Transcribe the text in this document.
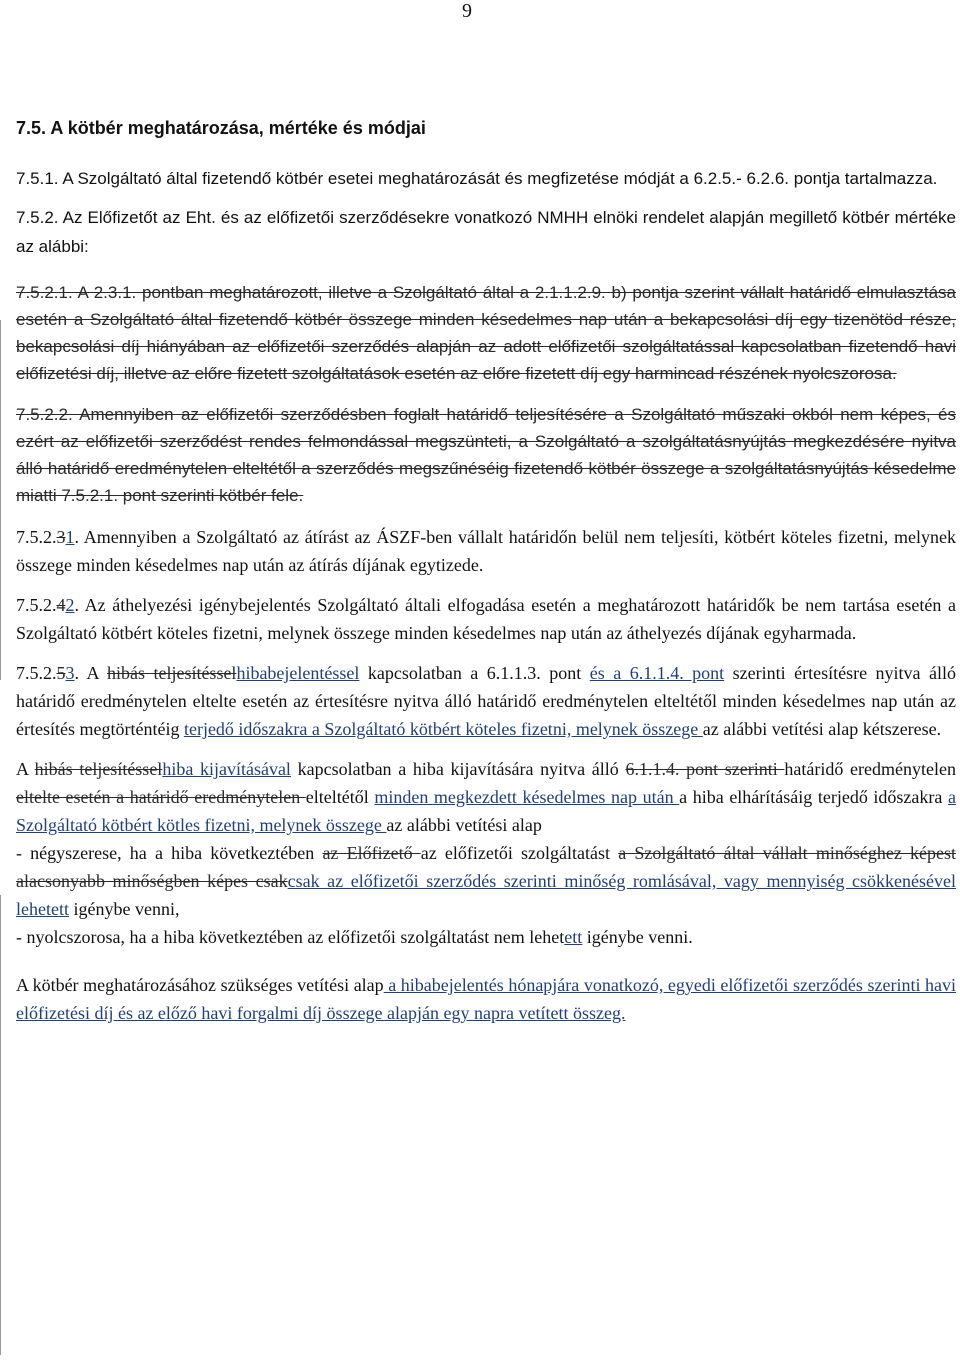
9
7.5. A kötbér meghatározása, mértéke és módjai

7.5.1. A Szolgáltató által fizetendő kötbér esetei meghatározását és megfizetése módját a 6.2.5.- 6.2.6. pontja tartalmazza.

7.5.2. Az Előfizetőt az Eht. és az előfizetői szerződésekre vonatkozó NMHH elnöki rendelet alapján megillető kötbér mértéke az alábbi:

7.5.2.1. A 2.3.1. pontban meghatározott, illetve a Szolgáltató által a 2.1.1.2.9. b) pontja szerint vállalt határidő elmulasztása esetén a Szolgáltató által fizetendő kötbér összege minden késedelmes nap után a bekapcsolási díj egy tizenötöd része, bekapcsolási díj hiányában az előfizetői szerződés alapján az adott előfizetői szolgáltatással kapcsolatban fizetendő havi előfizetési díj, illetve az előre fizetett szolgáltatások esetén az előre fizetett díj egy harmincad részének nyolcszorosa.

7.5.2.2. Amennyiben az előfizetői szerződésben foglalt határidő teljesítésére a Szolgáltató műszaki okból nem képes, és ezért az előfizetői szerződést rendes felmondással megszünteti, a Szolgáltató a szolgáltatásnyújtás megkezdésére nyitva álló határidő eredménytelen elteltétől a szerződés megszűnéséig fizetendő kötbér összege a szolgáltatásnyújtás késedelme miatti 7.5.2.1. pont szerinti kötbér fele.

7.5.2.31. Amennyiben a Szolgáltató az átírást az ÁSZF-ben vállalt határidőn belül nem teljesíti, kötbért köteles fizetni, melynek összege minden késedelmes nap után az átírás díjának egytizede.

7.5.2.42. Az áthelyezési igénybejelentés Szolgáltató általi elfogadása esetén a meghatározott határidők be nem tartása esetén a Szolgáltató kötbért köteles fizetni, melynek összege minden késedelmes nap után az áthelyezés díjának egyharmada.

7.5.2.53. A hibás teljesítésselhibabejelentéssel kapcsolatban a 6.1.1.3. pont és a 6.1.1.4. pont szerinti értesítésre nyitva álló határidő eredménytelen eltelte esetén az értesítésre nyitva álló határidő eredménytelen elteltétől minden késedelmes nap után az értesítés megtörténtéig terjedő időszakra a Szolgáltató kötbért köteles fizetni, melynek összege az alábbi vetítési alap kétszerese.

A hibás teljesítésselhiba kijavításával kapcsolatban a hiba kijavítására nyitva álló 6.1.1.4. pont szerinti határidő eredménytelen eltelte esetén a határidő eredménytelen elteltétől minden megkezdett késedelmes nap után a hiba elhárításáig terjedő időszakra a Szolgáltató kötbért kötles fizetni, melynek összege az alábbi vetítési alap

- négyszerese, ha a hiba következtében az Előfizető az előfizetői szolgáltatást a Szolgáltató által vállalt minőséghez képest alacsonyabb minőségben képes csakcsak az előfizetői szerződés szerinti minőség romlásával, vagy mennyiség csökkenésével lehetett igénybe venni,

- nyolcszorosa, ha a hiba következtében az előfizetői szolgáltatást nem lehetett igénybe venni.

A kötbér meghatározásához szükséges vetítési alap a hibabejelentés hónapjára vonatkozó, egyedi előfizetői szerződés szerinti havi előfizetési díj és az előző havi forgalmi díj összege alapján egy napra vetített összeg.
